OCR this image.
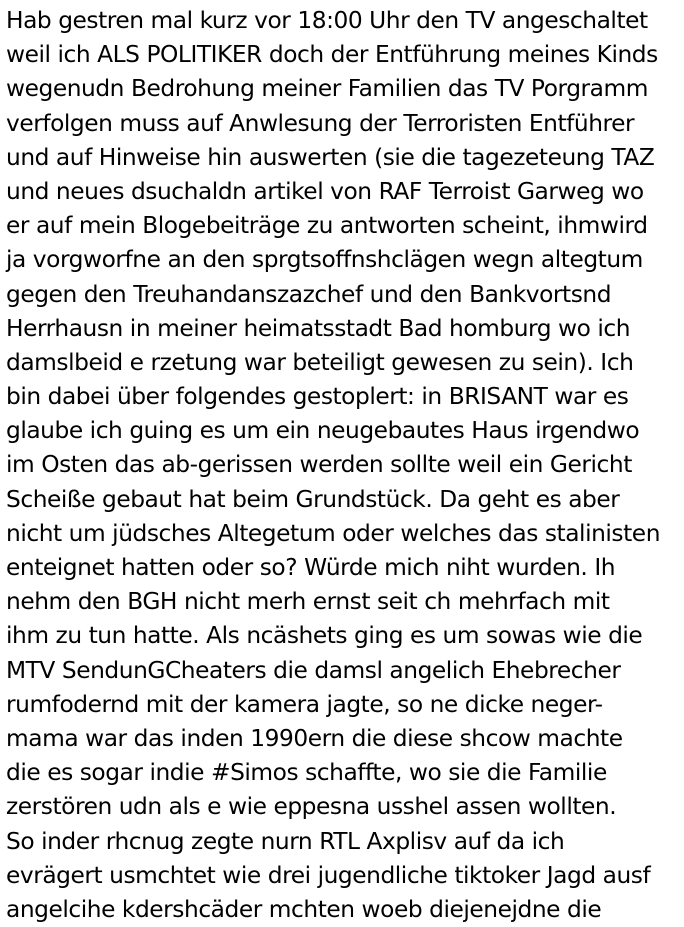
Hab gestren mal kurz vor 18:00 Uhr den TV angeschaltet
weil ich ALS POLITIKER doch der Entführung meines Kinds
wegenudn Bedrohung meiner Familien das TV Porgramm
verfolgen muss auf Anwlesung der Terroristen Entführer
und auf Hinweise hin auswerten (sie die tagezeteung TAZ
und neues dsuchaldn artikel von RAF Terroist Garweg wo
er auf mein Blogebeiträge zu antworten scheint, ihmwird
ja vorgworfne an den sprgtsoffnshclägen wegn altegtum
gegen den Treuhandanszazchef und den Bankvortsnd
Herrhausn in meiner heimatsstadt Bad homburg wo ich
damslbeid e rzetung war beteiligt gewesen zu sein). Ich
bin dabei über folgendes gestoplert: in BRISANT war es
glaube ich guing es um ein neugebautes Haus irgendwo
im Osten das ab-gerissen werden sollte weil ein Gericht
Scheiße gebaut hat beim Grundstück. Da geht es aber
nicht um jüdsches Altegetum oder welches das stalinisten
enteignet hatten oder so? Würde mich niht wurden. Ih
nehm den BGH nicht merh ernst seit ch mehrfach mit
ihm zu tun hatte. Als ncäshets ging es um sowas wie die
MTV SendunGCheaters die damsl angelich Ehebrecher
rumfodernd mit der kamera jagte, so ne dicke neger-
mama war das inden 1990ern die diese shcow machte
die es sogar indie #Simos schaffte, wo sie die Familie
zerstören udn als e wie eppesna usshel assen wollten.
So inder rhcnug zegte nurn RTL Axplisv auf da ich
evrägert usmchtet wie drei jugendliche tiktoker Jagd ausf
angelcihe kdershcäder mchten woeb diejenejdne die
